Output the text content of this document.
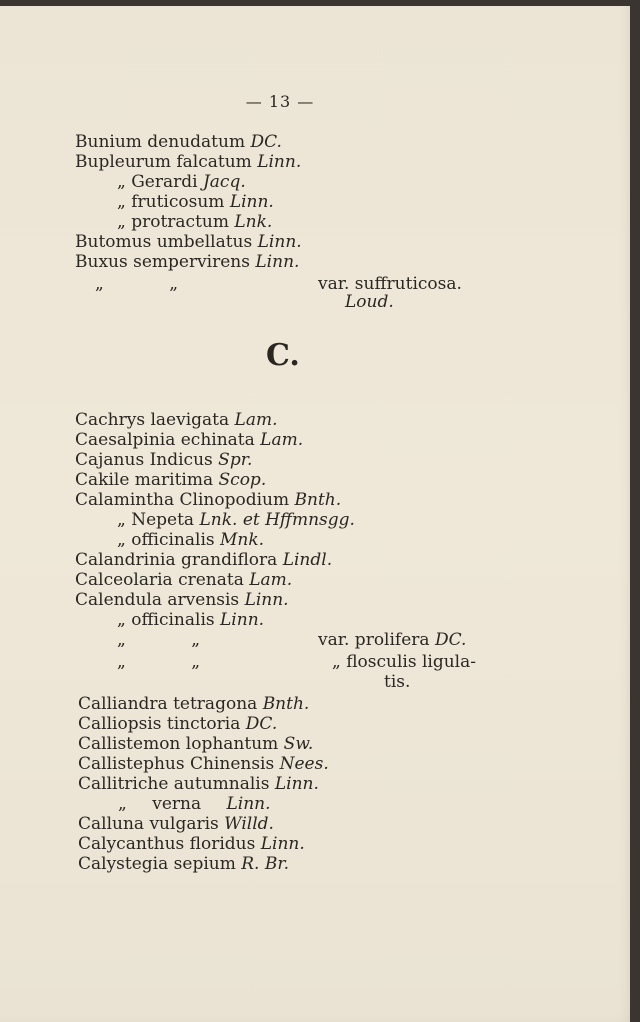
— 13 —
Bunium denudatum DC.
Bupleurum falcatum Linn.
„ Gerardi Jacq.
„ fruticosum Linn.
„ protractum Lnk.
Butomus umbellatus Linn.
Buxus sempervirens Linn.
„ „	var. suffruticosa.
Loud.
C.
Cachrys laevigata Lam.
Caesalpinia echinata Lam.
Cajanus Indicus Spr.
Cakile maritima Scop.
Calamintha Clinopodium Bnth.
„ Nepeta Lnk. et Hffmnsgg.
„ officinalis Mnk.
Calandrinia grandiflora Lindl.
Calceolaria crenata Lam.
Calendula arvensis Linn.
„ officinalis Linn.
„ „	var. prolifera DC.
„ „	„ flosculis ligula-
tis.
Calliandra tetragona Bnth.
Calliopsis tinctoria DC.
Callistemon lophantum Sw.
Callistephus Chinensis Nees.
Callitriche autumnalis Linn.
„ verna Linn.
Calluna vulgaris Willd.
Calycanthus floridus Linn.
Calystegia sepium R. Br.
